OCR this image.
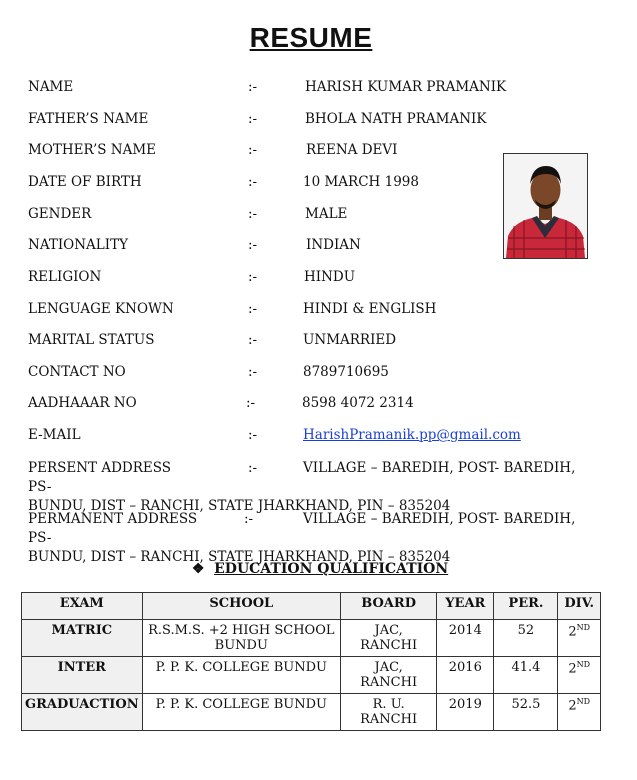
RESUME
NAME	:-	HARISH KUMAR PRAMANIK
FATHER’S NAME	:-	BHOLA NATH PRAMANIK
MOTHER’S NAME	:-	REENA DEVI
DATE OF BIRTH	:-	10 MARCH 1998
GENDER	:-	MALE
NATIONALITY	:-	INDIAN
RELIGION	:-	HINDU
LENGUAGE KNOWN	:-	HINDI & ENGLISH
MARITAL STATUS	:-	UNMARRIED
CONTACT NO	:-	8789710695
AADHAAAR NO	:-	8598 4072 2314
E-MAIL	:-	HarishPramanik.pp@gmail.com
PERSENT ADDRESS	:-	VILLAGE – BAREDIH, POST- BAREDIH, PS-
BUNDU, DIST – RANCHI, STATE JHARKHAND, PIN – 835204
PERMANENT ADDRESS	:-	VILLAGE – BAREDIH, POST- BAREDIH, PS-
BUNDU, DIST – RANCHI, STATE JHARKHAND, PIN – 835204
❖ EDUCATION QUALIFICATION
EXAM	SCHOOL	BOARD	YEAR	PER.	DIV.
MATRIC	R.S.M.S. +2 HIGH SCHOOL BUNDU	JAC, RANCHI	2014	52	2ND
INTER	P. P. K. COLLEGE BUNDU	JAC, RANCHI	2016	41.4	2ND
GRADUACTION	P. P. K. COLLEGE BUNDU	R. U. RANCHI	2019	52.5	2ND
